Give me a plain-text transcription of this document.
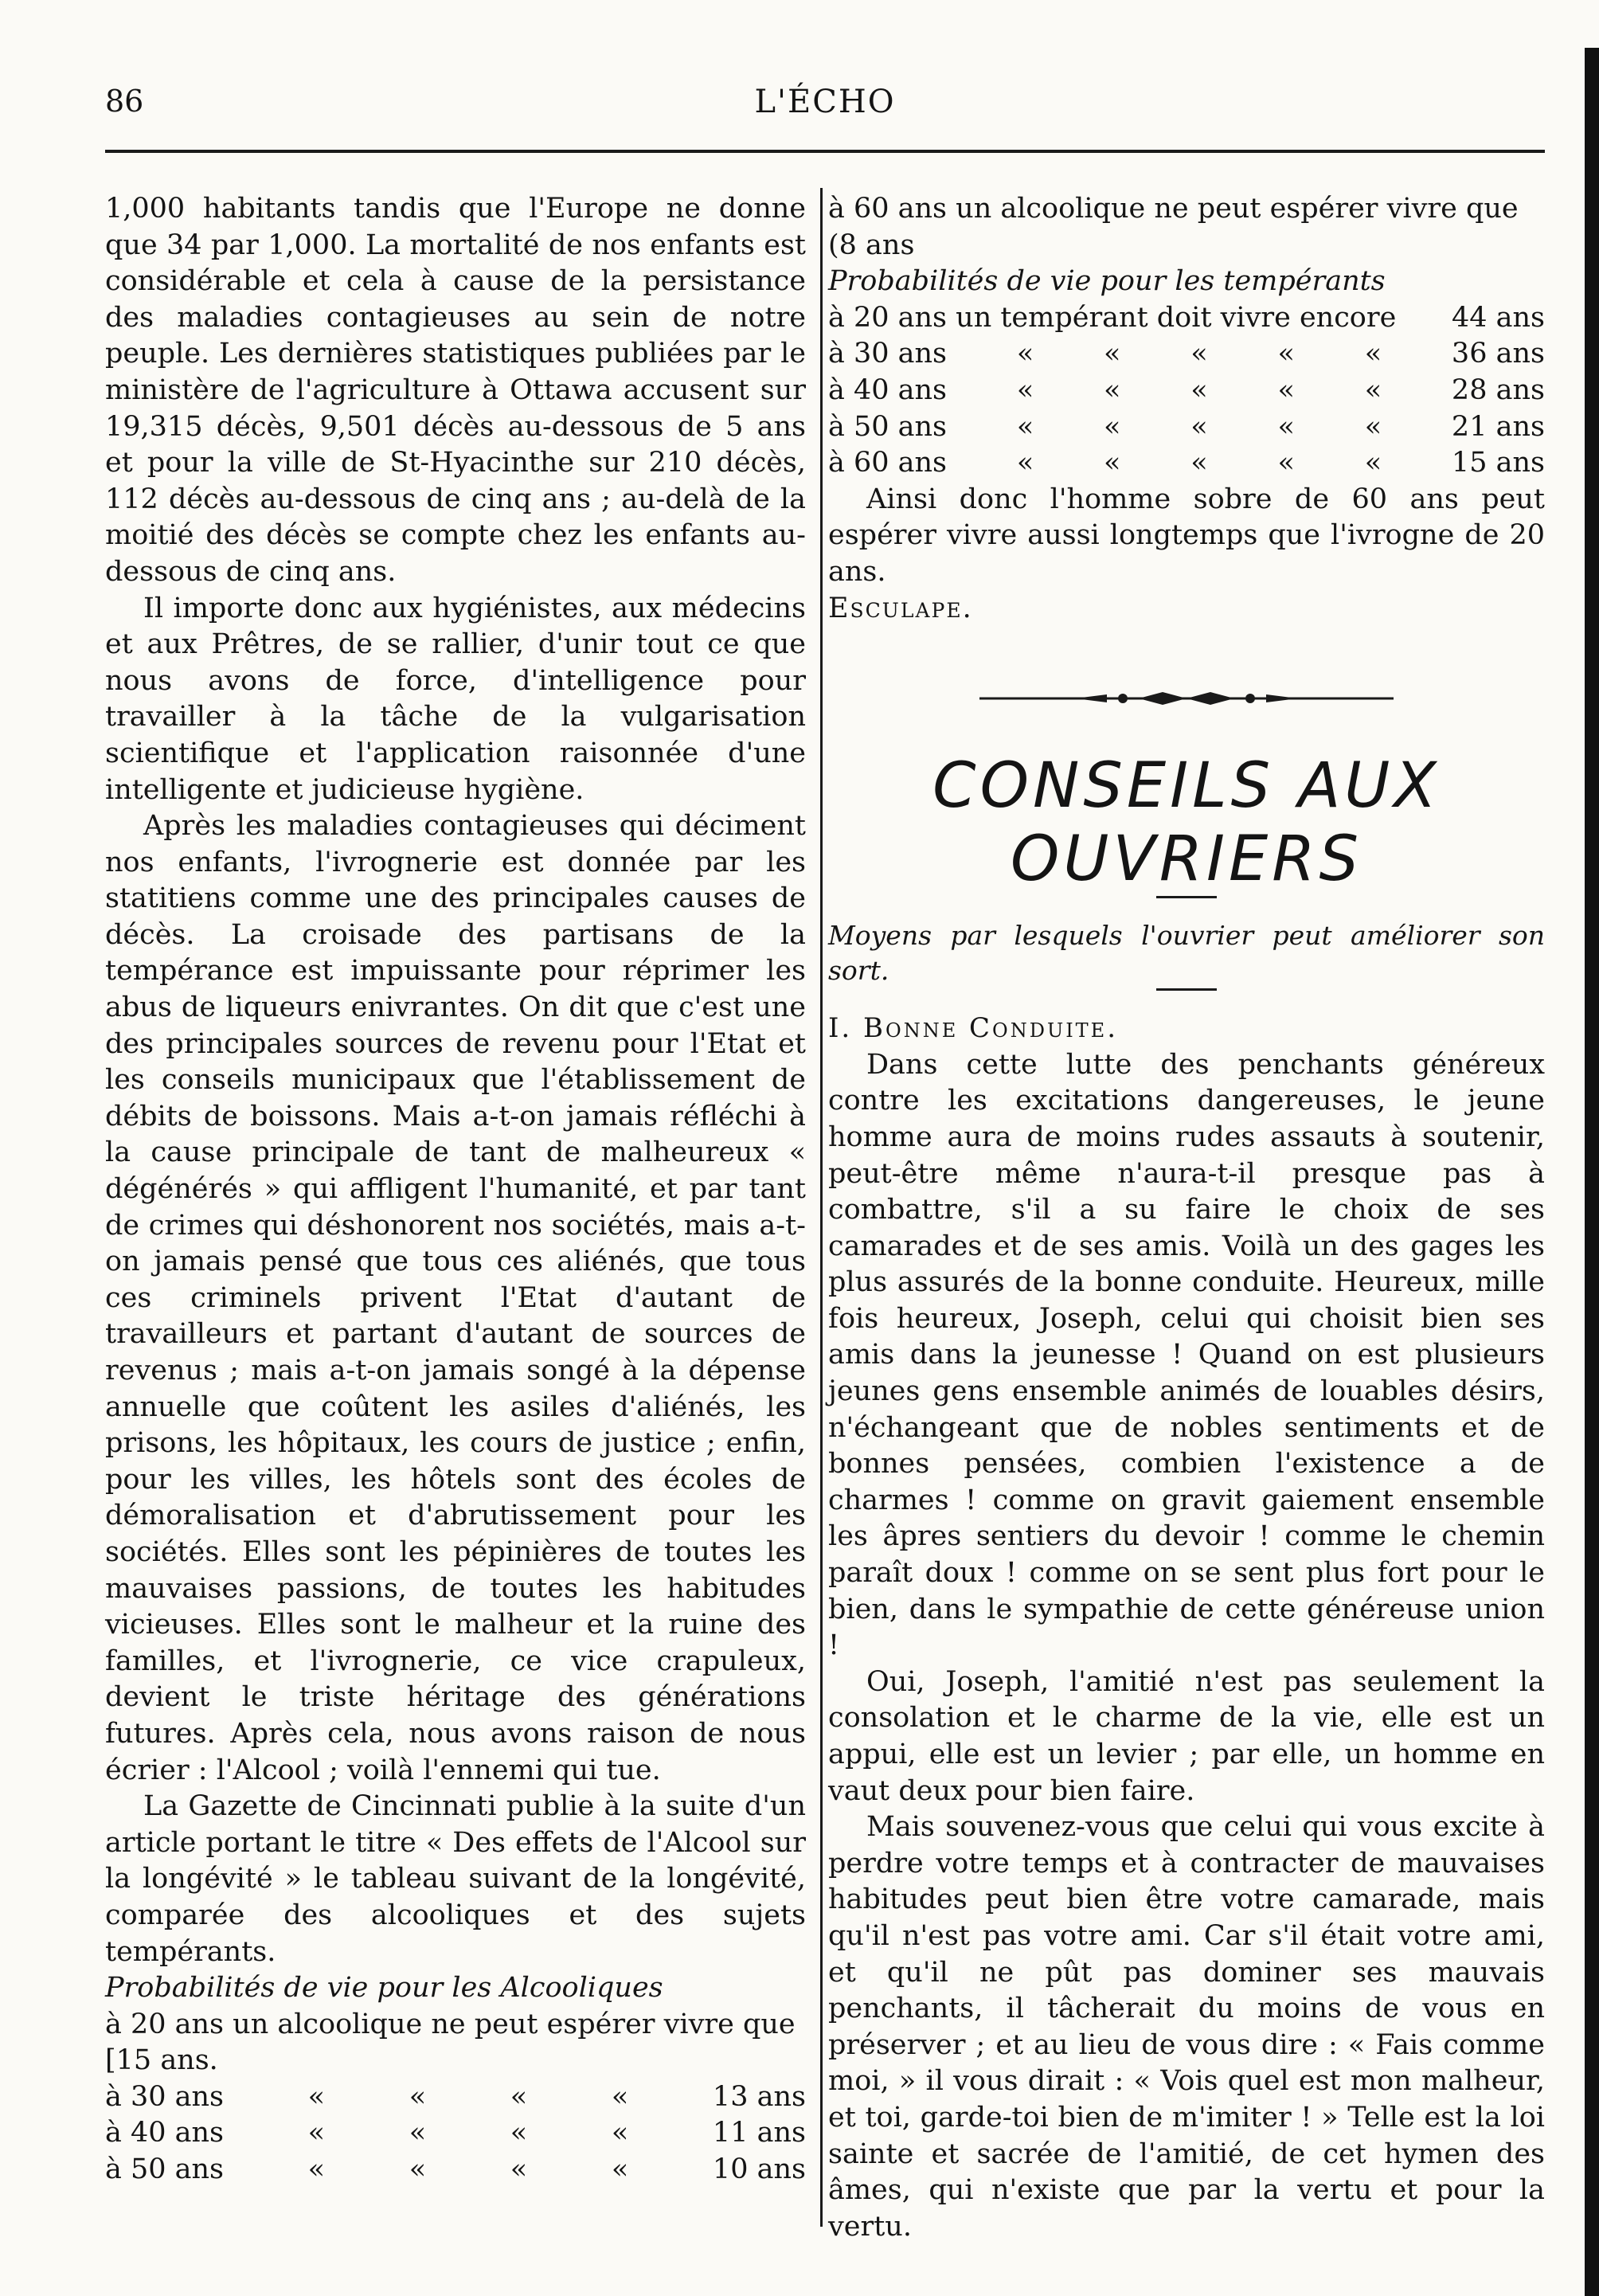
86	L'ÉCHO

1,000 habitants tandis que l'Europe ne donne que 34 par 1,000. La mortalité de nos enfants est considérable et cela à cause de la persistance des maladies contagieuses au sein de notre peuple. Les dernières statistiques publiées par le ministère de l'agriculture à Ottawa accusent sur 19,315 décès, 9,501 décès au-dessous de 5 ans et pour la ville de St-Hyacinthe sur 210 décès, 112 décès au-dessous de cinq ans ; au-delà de la moitié des décès se compte chez les enfants au-dessous de cinq ans.

Il importe donc aux hygiénistes, aux médecins et aux Prêtres, de se rallier, d'unir tout ce que nous avons de force, d'intelligence pour travailler à la tâche de la vulgarisation scientifique et l'application raisonnée d'une intelligente et judicieuse hygiène.

Après les maladies contagieuses qui déciment nos enfants, l'ivrognerie est donnée par les statitiens comme une des principales causes de décès. La croisade des partisans de la tempérance est impuissante pour réprimer les abus de liqueurs enivrantes. On dit que c'est une des principales sources de revenu pour l'Etat et les conseils municipaux que l'établissement de débits de boissons. Mais a-t-on jamais réfléchi à la cause principale de tant de malheureux « dégénérés » qui affligent l'humanité, et par tant de crimes qui déshonorent nos sociétés, mais a-t-on jamais pensé que tous ces aliénés, que tous ces criminels privent l'Etat d'autant de travailleurs et partant d'autant de sources de revenus ; mais a-t-on jamais songé à la dépense annuelle que coûtent les asiles d'aliénés, les prisons, les hôpitaux, les cours de justice ; enfin, pour les villes, les hôtels sont des écoles de démoralisation et d'abrutissement pour les sociétés. Elles sont les pépinières de toutes les mauvaises passions, de toutes les habitudes vicieuses. Elles sont le malheur et la ruine des familles, et l'ivrognerie, ce vice crapuleux, devient le triste héritage des générations futures. Après cela, nous avons raison de nous écrier : l'Alcool ; voilà l'ennemi qui tue.

La Gazette de Cincinnati publie à la suite d'un article portant le titre « Des effets de l'Alcool sur la longévité » le tableau suivant de la longévité, comparée des alcooliques et des sujets tempérants.

Probabilités de vie pour les Alcooliques

à 20 ans un alcoolique ne peut espérer vivre que

[15 ans.

à 30 ans	«	«	«	«	13 ans
à 40 ans	«	«	«	«	11 ans
à 50 ans	«	«	«	«	10 ans

à 60 ans un alcoolique ne peut espérer vivre que

(8 ans

Probabilités de vie pour les tempérants

à 20 ans un tempérant doit vivre encore 44 ans
à 30 ans	«	«	«	«	«	36 ans
à 40 ans	«	«	«	«	«	28 ans
à 50 ans	«	«	«	«	«	21 ans
à 60 ans	«	«	«	«	«	15 ans

Ainsi donc l'homme sobre de 60 ans peut espérer vivre aussi longtemps que l'ivrogne de 20 ans.

Esculape.

CONSEILS AUX OUVRIERS

Moyens par lesquels l'ouvrier peut améliorer son sort.

I. Bonne Conduite.

Dans cette lutte des penchants généreux contre les excitations dangereuses, le jeune homme aura de moins rudes assauts à soutenir, peut-être même n'aura-t-il presque pas à combattre, s'il a su faire le choix de ses camarades et de ses amis. Voilà un des gages les plus assurés de la bonne conduite. Heureux, mille fois heureux, Joseph, celui qui choisit bien ses amis dans la jeunesse ! Quand on est plusieurs jeunes gens ensemble animés de louables désirs, n'échangeant que de nobles sentiments et de bonnes pensées, combien l'existence a de charmes ! comme on gravit gaiement ensemble les âpres sentiers du devoir ! comme le chemin paraît doux ! comme on se sent plus fort pour le bien, dans le sympathie de cette généreuse union !

Oui, Joseph, l'amitié n'est pas seulement la consolation et le charme de la vie, elle est un appui, elle est un levier ; par elle, un homme en vaut deux pour bien faire.

Mais souvenez-vous que celui qui vous excite à perdre votre temps et à contracter de mauvaises habitudes peut bien être votre camarade, mais qu'il n'est pas votre ami. Car s'il était votre ami, et qu'il ne pût pas dominer ses mauvais penchants, il tâcherait du moins de vous en préserver ; et au lieu de vous dire : « Fais comme moi, » il vous dirait : « Vois quel est mon malheur, et toi, garde-toi bien de m'imiter ! » Telle est la loi sainte et sacrée de l'amitié, de cet hymen des âmes, qui n'existe que par la vertu et pour la vertu.
